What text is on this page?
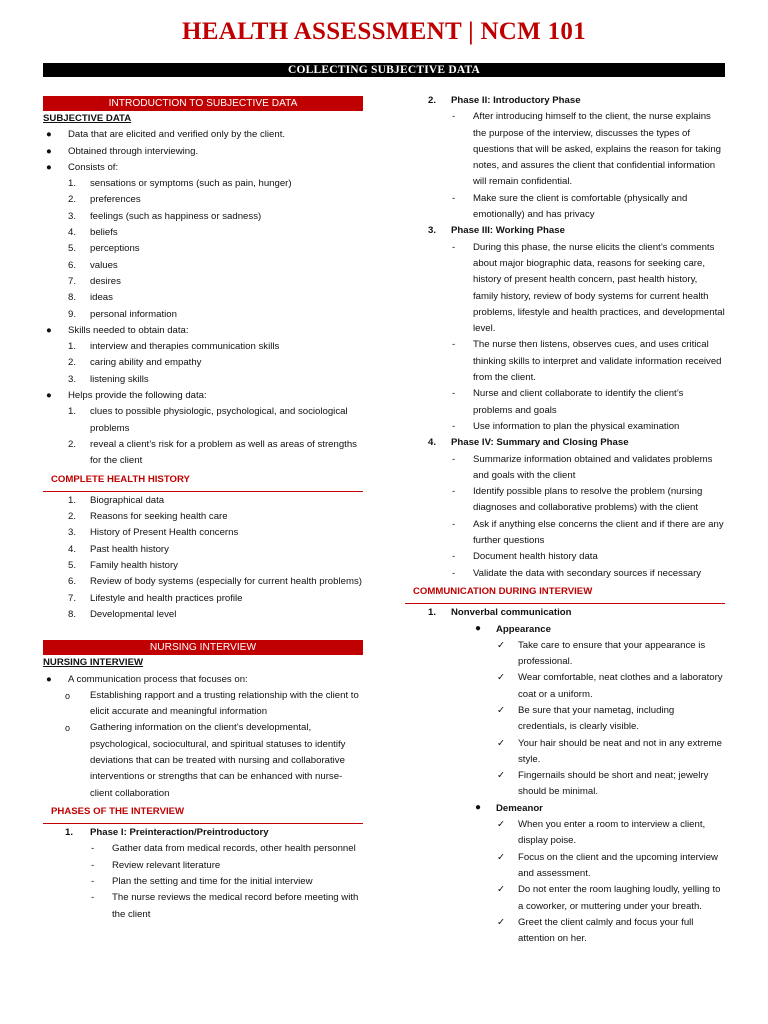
HEALTH ASSESSMENT | NCM 101
COLLECTING SUBJECTIVE DATA
INTRODUCTION TO SUBJECTIVE DATA
SUBJECTIVE DATA
● Data that are elicited and verified only by the client.
● Obtained through interviewing.
● Consists of:
1. sensations or symptoms (such as pain, hunger)
2. preferences
3. feelings (such as happiness or sadness)
4. beliefs
5. perceptions
6. values
7. desires
8. ideas
9. personal information
● Skills needed to obtain data:
1. interview and therapies communication skills
2. caring ability and empathy
3. listening skills
● Helps provide the following data:
1. clues to possible physiologic, psychological, and sociological problems
2. reveal a client’s risk for a problem as well as areas of strengths for the client
COMPLETE HEALTH HISTORY
1. Biographical data
2. Reasons for seeking health care
3. History of Present Health concerns
4. Past health history
5. Family health history
6. Review of body systems (especially for current health problems)
7. Lifestyle and health practices profile
8. Developmental level
NURSING INTERVIEW
NURSING INTERVIEW
● A communication process that focuses on:
o Establishing rapport and a trusting relationship with the client to elicit accurate and meaningful information
o Gathering information on the client’s developmental, psychological, sociocultural, and spiritual statuses to identify deviations that can be treated with nursing and collaborative interventions or strengths that can be enhanced with nurse-client collaboration
PHASES OF THE INTERVIEW
1. Phase I: Preinteraction/Preintroductory
- Gather data from medical records, other health personnel
- Review relevant literature
- Plan the setting and time for the initial interview
- The nurse reviews the medical record before meeting with the client
2. Phase II: Introductory Phase
- After introducing himself to the client, the nurse explains the purpose of the interview, discusses the types of questions that will be asked, explains the reason for taking notes, and assures the client that confidential information will remain confidential.
- Make sure the client is comfortable (physically and emotionally) and has privacy
3. Phase III: Working Phase
- During this phase, the nurse elicits the client’s comments about major biographic data, reasons for seeking care, history of present health concern, past health history, family history, review of body systems for current health problems, lifestyle and health practices, and developmental level.
- The nurse then listens, observes cues, and uses critical thinking skills to interpret and validate information received from the client.
- Nurse and client collaborate to identify the client’s problems and goals
- Use information to plan the physical examination
4. Phase IV: Summary and Closing Phase
- Summarize information obtained and validates problems and goals with the client
- Identify possible plans to resolve the problem (nursing diagnoses and collaborative problems) with the client
- Ask if anything else concerns the client and if there are any further questions
- Document health history data
- Validate the data with secondary sources if necessary
COMMUNICATION DURING INTERVIEW
1. Nonverbal communication
● Appearance
✓ Take care to ensure that your appearance is professional.
✓ Wear comfortable, neat clothes and a laboratory coat or a uniform.
✓ Be sure that your nametag, including credentials, is clearly visible.
✓ Your hair should be neat and not in any extreme style.
✓ Fingernails should be short and neat; jewelry should be minimal.
● Demeanor
✓ When you enter a room to interview a client, display poise.
✓ Focus on the client and the upcoming interview and assessment.
✓ Do not enter the room laughing loudly, yelling to a coworker, or muttering under your breath.
✓ Greet the client calmly and focus your full attention on her.
